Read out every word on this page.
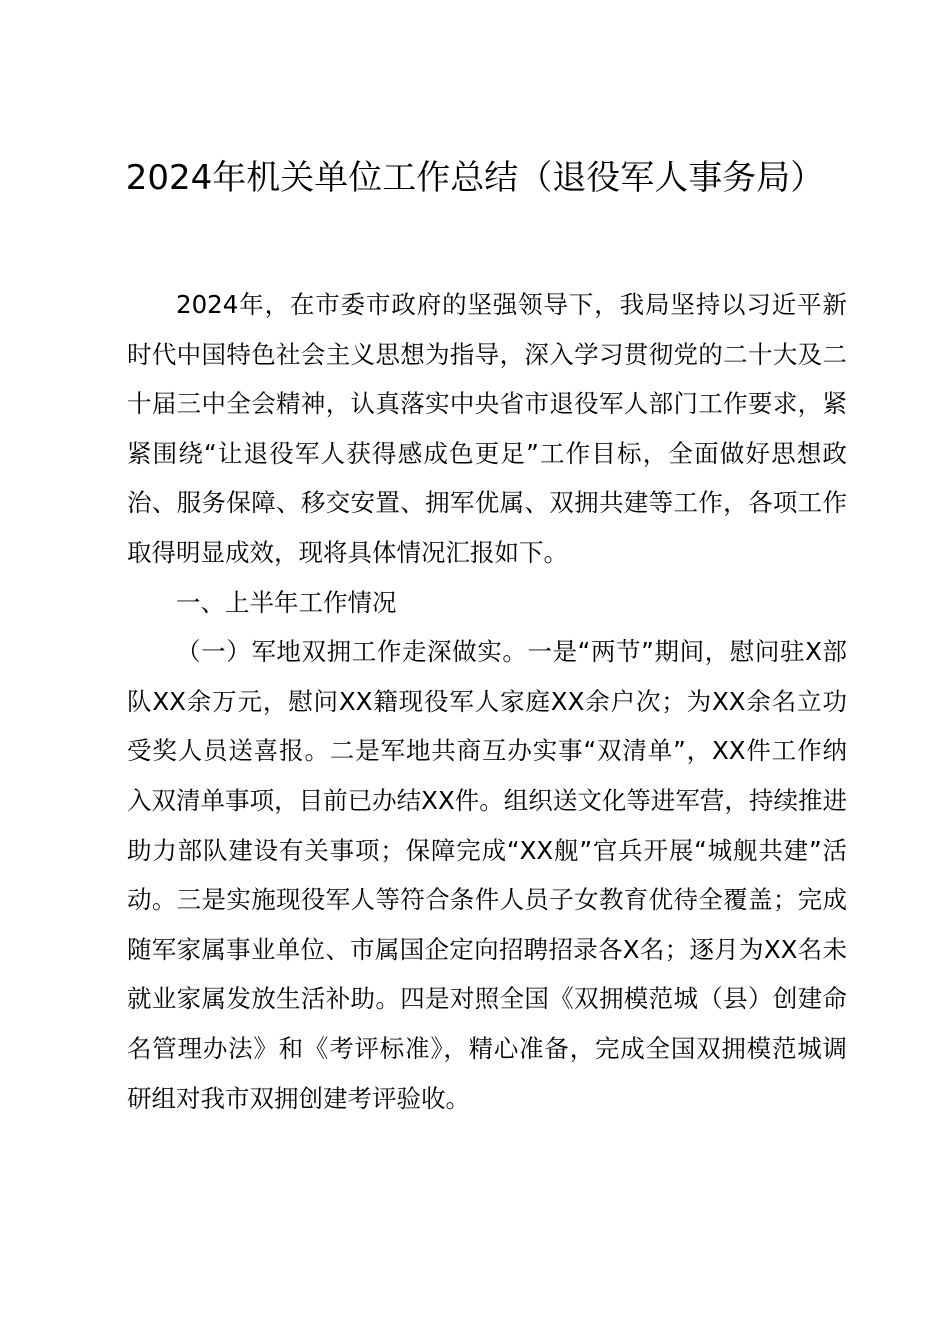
2024年机关单位工作总结（退役军人事务局）

2024年，在市委市政府的坚强领导下，我局坚持以习近平新时代中国特色社会主义思想为指导，深入学习贯彻党的二十大及二十届三中全会精神，认真落实中央省市退役军人部门工作要求，紧紧围绕“让退役军人获得感成色更足”工作目标，全面做好思想政治、服务保障、移交安置、拥军优属、双拥共建等工作，各项工作取得明显成效，现将具体情况汇报如下。

一、上半年工作情况

（一）军地双拥工作走深做实。一是“两节”期间，慰问驻X部队XX余万元，慰问XX籍现役军人家庭XX余户次；为XX余名立功受奖人员送喜报。二是军地共商互办实事“双清单”，XX件工作纳入双清单事项，目前已办结XX件。组织送文化等进军营，持续推进助力部队建设有关事项；保障完成“XX舰”官兵开展“城舰共建”活动。三是实施现役军人等符合条件人员子女教育优待全覆盖；完成随军家属事业单位、市属国企定向招聘招录各X名；逐月为XX名未就业家属发放生活补助。四是对照全国《双拥模范城（县）创建命名管理办法》和《考评标准》，精心准备，完成全国双拥模范城调研组对我市双拥创建考评验收。
